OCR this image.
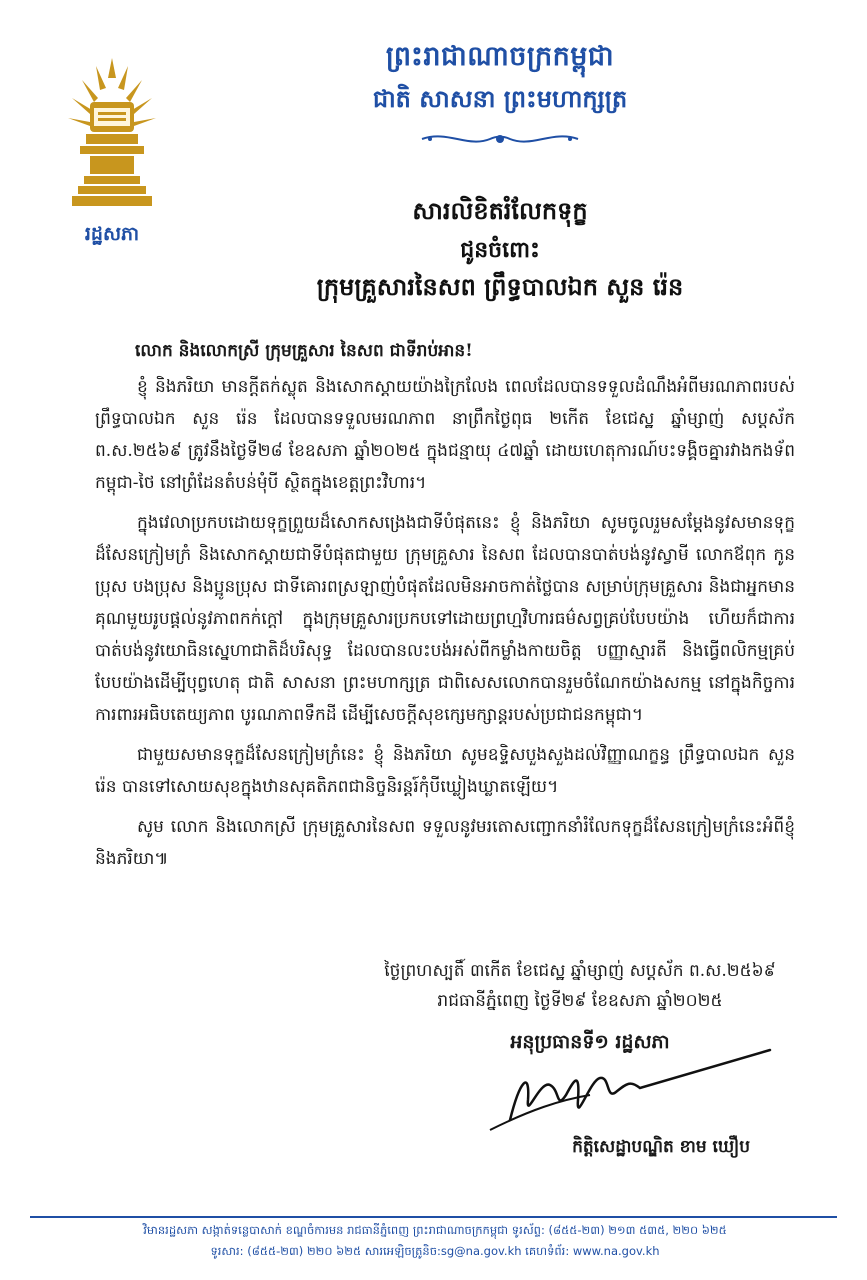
រដ្ឋសភា
ព្រះរាជាណាចក្រកម្ពុជា
ជាតិ សាសនា ព្រះមហាក្សត្រ
សារលិខិតរំលែកទុក្ខ
ជូនចំពោះ
ក្រុមគ្រួសារនៃសព ព្រឹទ្ធបាលឯក សួន រ៉េន

លោក និងលោកស្រី ក្រុមគ្រួសារ នៃសព ជាទីរាប់អាន!

ខ្ញុំ និងភរិយា មានក្ដីតក់ស្លុត និងសោកស្ដាយយ៉ាងក្រៃលែង ពេលដែលបានទទួលដំណឹងអំពីមរណភាពរបស់ ព្រឹទ្ធបាលឯក សួន រ៉េន ដែលបានទទួលមរណភាព នាព្រឹកថ្ងៃពុធ ២កើត ខែជេស្ឋ ឆ្នាំម្សាញ់ សប្តស័ក ព.ស.២៥៦៩ ត្រូវនឹងថ្ងៃទី២៨ ខែឧសភា ឆ្នាំ២០២៥ ក្នុងជន្មាយុ ៤៧ឆ្នាំ ដោយហេតុការណ៍បះទង្គិចគ្នារវាងកងទ័ពកម្ពុជា-ថៃ នៅព្រំដែនតំបន់មុំបី ស្ថិតក្នុងខេត្តព្រះវិហារ។

ក្នុងវេលាប្រកបដោយទុក្ខព្រួយដ៏សោកសង្រេងជាទីបំផុតនេះ ខ្ញុំ និងភរិយា សូមចូលរួមសម្ដែងនូវសមានទុក្ខដ៏សែនក្រៀមក្រំ និងសោកស្ដាយជាទីបំផុតជាមួយ ក្រុមគ្រួសារ នៃសព ដែលបានបាត់បង់នូវស្វាមី លោកឪពុក កូនប្រុស បងប្រុស និងប្អូនប្រុស ជាទីគោរពស្រឡាញ់បំផុតដែលមិនអាចកាត់ថ្លៃបាន សម្រាប់ក្រុមគ្រួសារ និងជាអ្នកមានគុណមួយរូបផ្តល់នូវភាពកក់ក្តៅ ក្នុងក្រុមគ្រួសារប្រកបទៅដោយព្រហ្មវិហារធម៌សព្វគ្រប់បែបយ៉ាង ហើយក៏ជាការបាត់បង់នូវយោធិនស្នេហាជាតិដ៏បរិសុទ្ធ ដែលបានលះបង់អស់ពីកម្លាំងកាយចិត្ត បញ្ញាស្មារតី និងធ្វើពលិកម្មគ្រប់បែបយ៉ាងដើម្បីបុព្វហេតុ ជាតិ សាសនា ព្រះមហាក្សត្រ ជាពិសេសលោកបានរួមចំណែកយ៉ាងសកម្ម នៅក្នុងកិច្ចការការពារអធិបតេយ្យភាព បូរណភាពទឹកដី ដើម្បីសេចក្តីសុខក្សេមក្សាន្តរបស់ប្រជាជនកម្ពុជា។

ជាមួយសមានទុក្ខដ៏សែនក្រៀមក្រំនេះ ខ្ញុំ និងភរិយា សូមឧទ្ទិសបួងសួងដល់វិញ្ញាណក្ខន្ធ ព្រឹទ្ធបាលឯក សួន រ៉េន បានទៅសោយសុខក្នុងឋានសុគតិភពជានិច្ចនិរន្តរ៍កុំបីឃ្លៀងឃ្លាតឡើយ។

សូម លោក និងលោកស្រី ក្រុមគ្រួសារនៃសព ទទួលនូវមរតោសញ្ជោកនាំរំលែកទុក្ខដ៏សែនក្រៀមក្រំនេះអំពីខ្ញុំ និងភរិយា៕

ថ្ងៃព្រហស្បតិ៍ ៣កើត ខែជេស្ឋ ឆ្នាំម្សាញ់ សប្តស័ក ព.ស.២៥៦៩
រាជធានីភ្នំពេញ ថ្ងៃទី២៩ ខែឧសភា ឆ្នាំ២០២៥
អនុប្រធានទី១ រដ្ឋសភា
កិត្តិសេដ្ឋាបណ្ឌិត ខាម ឃឿប
វិមានរដ្ឋសភា សង្កាត់ទន្លេបាសាក់ ខណ្ឌចំការមន រាជធានីភ្នំពេញ ព្រះរាជាណាចក្រកម្ពុជា ទូរស័ព្ទ: (៨៥៥-២៣) ២១៣ ៥៣៥, ២២០ ៦២៥
ទូរសារ: (៨៥៥-២៣) ២២០ ៦២៥ សារអេឡិចត្រូនិច:sg@na.gov.kh គេហទំព័រ: www.na.gov.kh
